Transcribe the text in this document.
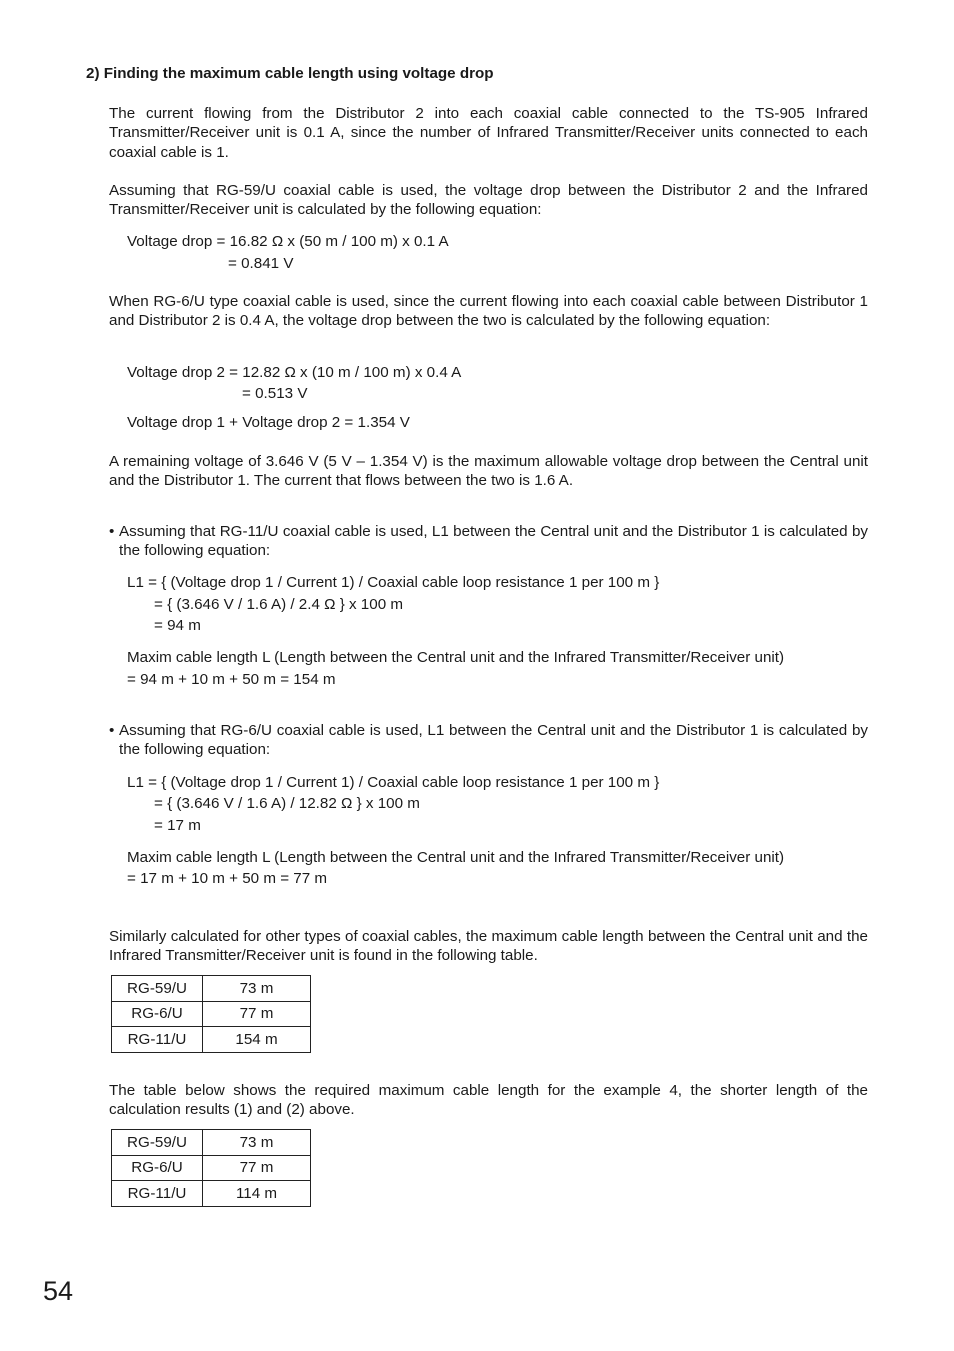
2) Finding the maximum cable length using voltage drop

The current flowing from the Distributor 2 into each coaxial cable connected to the TS-905 Infrared Transmitter/Receiver unit is 0.1 A, since the number of Infrared Transmitter/Receiver units connected to each coaxial cable is 1.

Assuming that RG-59/U coaxial cable is used, the voltage drop between the Distributor 2 and the Infrared Transmitter/Receiver unit is calculated by the following equation:

Voltage drop = 16.82 Ω x (50 m / 100 m) x 0.1 A

= 0.841 V

When RG-6/U type coaxial cable is used, since the current flowing into each coaxial cable between Distributor 1 and Distributor 2 is 0.4 A, the voltage drop between the two is calculated by the following equation:

Voltage drop 2 = 12.82 Ω x (10 m / 100 m) x 0.4 A

= 0.513 V

Voltage drop 1 + Voltage drop 2 = 1.354 V

A remaining voltage of 3.646 V (5 V – 1.354 V) is the maximum allowable voltage drop between the Central unit and the Distributor 1. The current that flows between the two is 1.6 A.

• Assuming that RG-11/U coaxial cable is used, L1 between the Central unit and the Distributor 1 is calculated by the following equation:

L1 = { (Voltage drop 1 / Current 1) / Coaxial cable loop resistance 1 per 100 m }

= { (3.646 V / 1.6 A) / 2.4 Ω } x 100 m

= 94 m

Maxim cable length L (Length between the Central unit and the Infrared Transmitter/Receiver unit)

= 94 m + 10 m + 50 m = 154 m

• Assuming that RG-6/U coaxial cable is used, L1 between the Central unit and the Distributor 1 is calculated by the following equation:

L1 = { (Voltage drop 1 / Current 1) / Coaxial cable loop resistance 1 per 100 m }

= { (3.646 V / 1.6 A) / 12.82 Ω } x 100 m

= 17 m

Maxim cable length L (Length between the Central unit and the Infrared Transmitter/Receiver unit)

= 17 m + 10 m + 50 m = 77 m

Similarly calculated for other types of coaxial cables, the maximum cable length between the Central unit and the Infrared Transmitter/Receiver unit is found in the following table.

RG-59/U	73 m
RG-6/U	77 m
RG-11/U	154 m

The table below shows the required maximum cable length for the example 4, the shorter length of the calculation results (1) and (2) above.

RG-59/U	73 m
RG-6/U	77 m
RG-11/U	114 m

54
